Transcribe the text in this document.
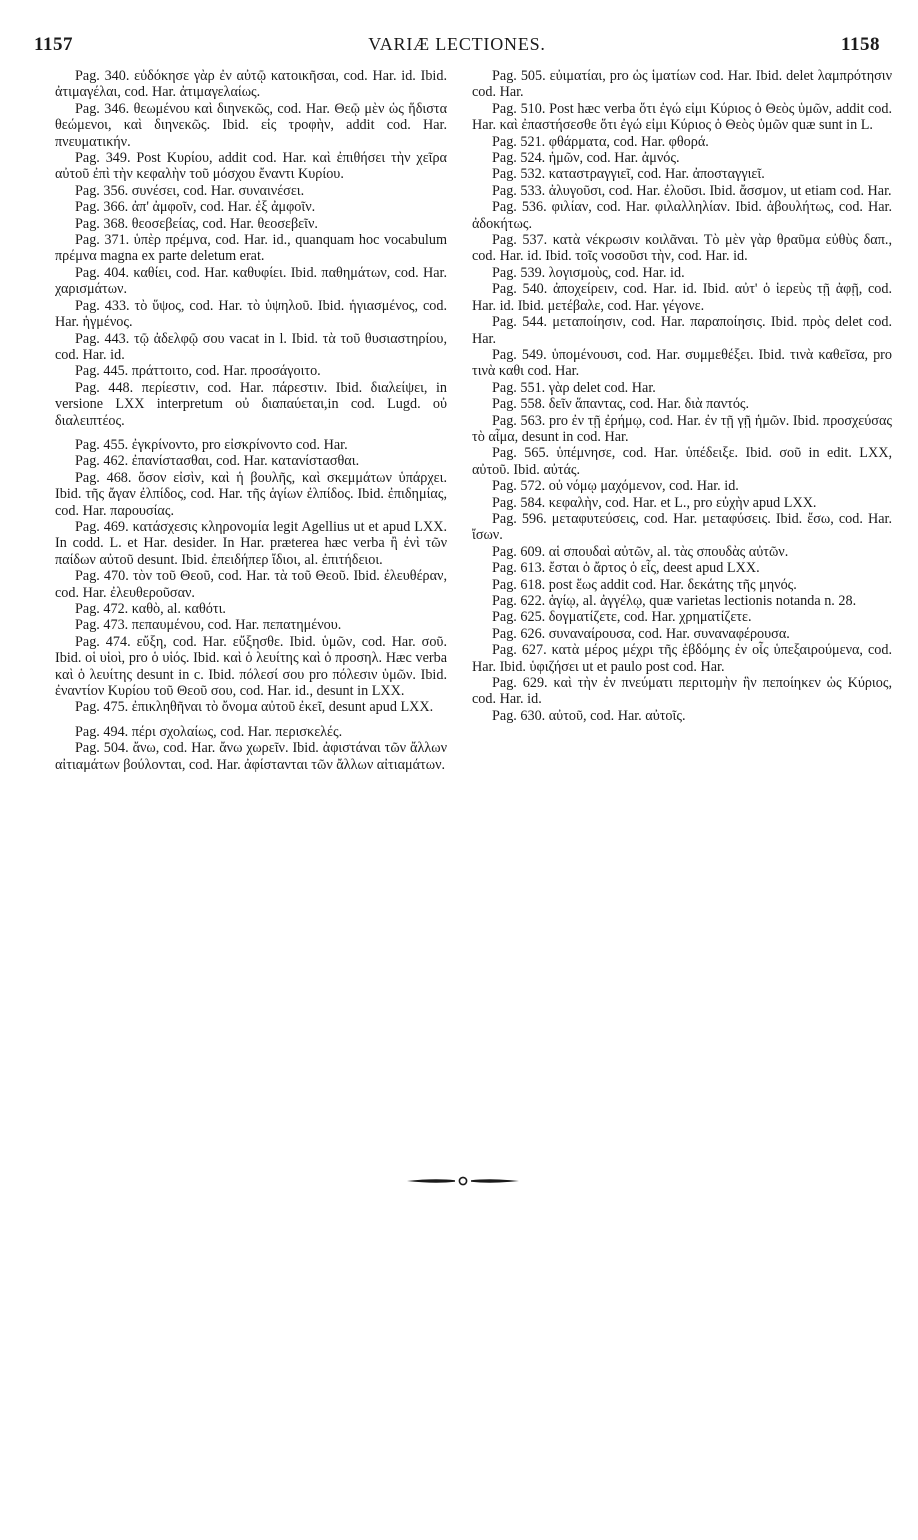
1157	VARIÆ LECTIONES.	1158

Pag. 340. εὐδόκησε γὰρ ἐν αὐτῷ κατοικῆσαι, cod. Har. id. Ibid. ἀτιμαγέλαι, cod. Har. ἀτιμαγελαίως.

Pag. 346. θεωμένου καὶ διηνεκῶς, cod. Har. Θεῷ μὲν ὡς ἥδιστα θεώμενοι, καὶ διηνεκῶς. Ibid. εἰς τροφὴν, addit cod. Har. πνευματικήν.

Pag. 349. Post Κυρίου, addit cod. Har. καὶ ἐπιθήσει τὴν χεῖρα αὐτοῦ ἐπὶ τὴν κεφαλὴν τοῦ μόσχου ἔναντι Κυρίου.

Pag. 356. συνέσει, cod. Har. συναινέσει.

Pag. 366. ἀπ' ἀμφοῖν, cod. Har. ἐξ ἀμφοῖν.

Pag. 368. θεοσεβείας, cod. Har. θεοσεβεῖν.

Pag. 371. ὑπὲρ πρέμνα, cod. Har. id., quanquam hoc vocabulum πρέμνα magna ex parte deletum erat.

Pag. 404. καθίει, cod. Har. καθυφίει. Ibid. παθημάτων, cod. Har. χαρισμάτων.

Pag. 433. τὸ ὕψος, cod. Har. τὸ ὑψηλοῦ. Ibid. ἡγιασμένος, cod. Har. ἡγμένος.

Pag. 443. τῷ ἀδελφῷ σου vacat in l. Ibid. τὰ τοῦ θυσιαστηρίου, cod. Har. id.

Pag. 445. πράττοιτο, cod. Har. προσάγοιτο.

Pag. 448. περίεστιν, cod. Har. πάρεστιν. Ibid. διαλείψει, in versione LXX interpretum οὐ διαπαύεται,in cod. Lugd. οὐ διαλειπτέος.

Pag. 455. ἐγκρίνοντο, pro εἰσκρίνοντο cod. Har.

Pag. 462. ἐπανίστασθαι, cod. Har. κατανίστασθαι.

Pag. 468. ὅσον εἰσὶν, καὶ ἡ βουλῆς, καὶ σκεμμάτων ὑπάρχει. Ibid. τῆς ἄγαν ἐλπίδος, cod. Har. τῆς ἁγίων ἐλπίδος. Ibid. ἐπιδημίας, cod. Har. παρουσίας.

Pag. 469. κατάσχεσις κληρονομία legit Agellius ut et apud LXX. In codd. L. et Har. desider. In Har. præterea hæc verba ἢ ἐνὶ τῶν παίδων αὐτοῦ desunt. Ibid. ἐπειδήπερ ἴδιοι, al. ἐπιτήδειοι.

Pag. 470. τὸν τοῦ Θεοῦ, cod. Har. τὰ τοῦ Θεοῦ. Ibid. ἐλευθέραν, cod. Har. ἐλευθεροῦσαν.

Pag. 472. καθὸ, al. καθότι.

Pag. 473. πεπαυμένου, cod. Har. πεπατημένου.

Pag. 474. εὔξη, cod. Har. εὔξησθε. Ibid. ὑμῶν, cod. Har. σοῦ. Ibid. οἱ υἱοὶ, pro ὁ υἱός. Ibid. καὶ ὁ λευίτης καὶ ὁ προσηλ. Hæc verba καὶ ὁ λευίτης desunt in c. Ibid. πόλεσί σου pro πόλεσιν ὑμῶν. Ibid. ἐναντίον Κυρίου τοῦ Θεοῦ σου, cod. Har. id., desunt in LXX.

Pag. 475. ἐπικληθῆναι τὸ ὄνομα αὐτοῦ ἐκεῖ, desunt apud LXX.

Pag. 494. πέρι σχολαίως, cod. Har. περισκελές.

Pag. 504. ἄνω, cod. Har. ἄνω χωρεῖν. Ibid. ἀφιστάναι τῶν ἄλλων αἰτιαμάτων βούλονται, cod. Har. ἀφίστανται τῶν ἄλλων αἰτιαμάτων.

Pag. 505. εὐιματίαι, pro ὡς ἱματίων cod. Har. Ibid. delet λαμπρότησιν cod. Har.

Pag. 510. Post hæc verba ὅτι ἐγώ εἰμι Κύριος ὁ Θεὸς ὑμῶν, addit cod. Har. καὶ ἐπαστήσεσθε ὅτι ἐγώ εἰμι Κύριος ὁ Θεὸς ὑμῶν quæ sunt in L.

Pag. 521. φθάρματα, cod. Har. φθορά.

Pag. 524. ἡμῶν, cod. Har. ἀμνός.

Pag. 532. καταστραγγιεῖ, cod. Har. ἀποσταγγιεῖ.

Pag. 533. ἀλυγοῦσι, cod. Har. ἐλοῦσι. Ibid. ἄσσμον, ut etiam cod. Har.

Pag. 536. φιλίαν, cod. Har. φιλαλληλίαν. Ibid. ἀβουλήτως, cod. Har. ἀδοκήτως.

Pag. 537. κατὰ νέκρωσιν κοιλᾶναι. Τὸ μὲν γὰρ θραῦμα εὐθὺς δαπ., cod. Har. id. Ibid. τοῖς νοσοῦσι τὴν, cod. Har. id.

Pag. 539. λογισμοὺς, cod. Har. id.

Pag. 540. ἀποχείρειν, cod. Har. id. Ibid. αὐτ' ὁ ἱερεὺς τῇ ἀφῇ, cod. Har. id. Ibid. μετέβαλε, cod. Har. γέγονε.

Pag. 544. μεταποίησιν, cod. Har. παραποίησις. Ibid. πρὸς delet cod. Har.

Pag. 549. ὑπομένουσι, cod. Har. συμμεθέξει. Ibid. τινὰ καθεῖσα, pro τινὰ καθι cod. Har.

Pag. 551. γὰρ delet cod. Har.

Pag. 558. δεῖν ἅπαντας, cod. Har. διὰ παντός.

Pag. 563. pro ἐν τῇ ἐρήμῳ, cod. Har. ἐν τῇ γῇ ἡμῶν. Ibid. προσχεύσας τὸ αἷμα, desunt in cod. Har.

Pag. 565. ὑπέμνησε, cod. Har. ὑπέδειξε. Ibid. σοῦ in edit. LXX, αὐτοῦ. Ibid. αὐτάς.

Pag. 572. οὐ νόμῳ μαχόμενον, cod. Har. id.

Pag. 584. κεφαλὴν, cod. Har. et L., pro εὐχὴν apud LXX.

Pag. 596. μεταφυτεύσεις, cod. Har. μεταφύσεις. Ibid. ἔσω, cod. Har. ἴσων.

Pag. 609. αἱ σπουδαὶ αὐτῶν, al. τὰς σπουδὰς αὐτῶν.

Pag. 613. ἔσται ὁ ἄρτος ὁ εἷς, deest apud LXX.

Pag. 618. post ἕως addit cod. Har. δεκάτης τῆς μηνός.

Pag. 622. ἁγίῳ, al. ἀγγέλῳ, quæ varietas lectionis notanda n. 28.

Pag. 625. δογματίζετε, cod. Har. χρηματίζετε.

Pag. 626. συναναίρουσα, cod. Har. συναναφέρουσα.

Pag. 627. κατὰ μέρος μέχρι τῆς ἑβδόμης ἐν οἷς ὑπεξαιρούμενα, cod. Har. Ibid. ὑφιζήσει ut et paulo post cod. Har.

Pag. 629. καὶ τὴν ἐν πνεύματι περιτομὴν ἣν πεποίηκεν ὡς Κύριος, cod. Har. id.

Pag. 630. αὐτοῦ, cod. Har. αὐτοῖς.
